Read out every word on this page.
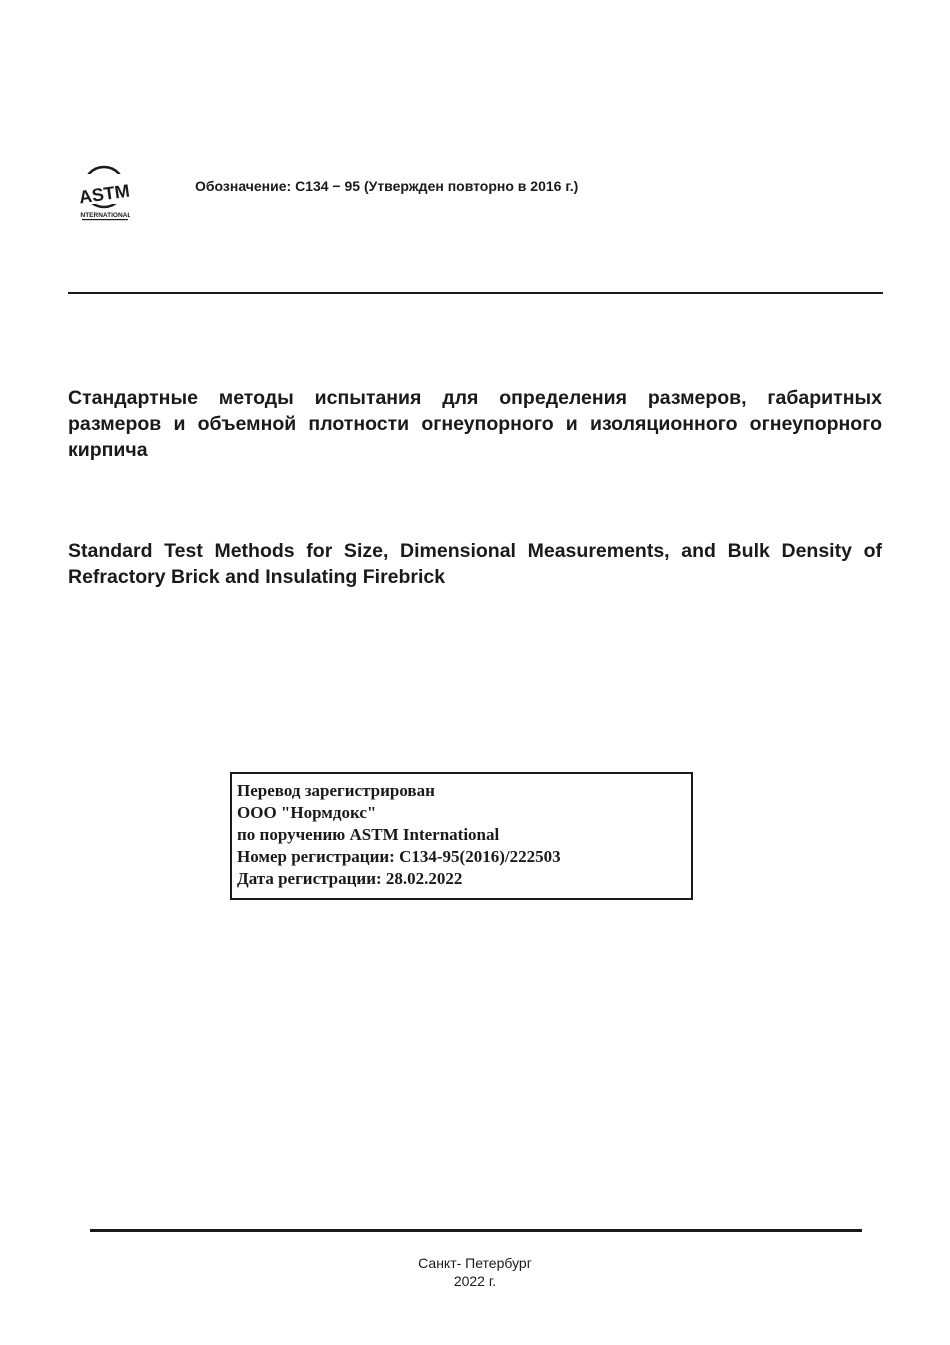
ASTM
INTERNATIONAL
Обозначение: C134 − 95 (Утвержден повторно в 2016 г.)
Стандартные методы испытания для определения размеров, габаритных размеров и объемной плотности огнеупорного и изоляционного огнеупорного кирпича
Standard Test Methods for Size, Dimensional Measurements, and Bulk Density of Refractory Brick and Insulating Firebrick
Перевод зарегистрирован
ООО "Нормдокс"
по поручению ASTM International
Номер регистрации: C134-95(2016)/222503
Дата регистрации: 28.02.2022
Санкт- Петербург
2022 г.
